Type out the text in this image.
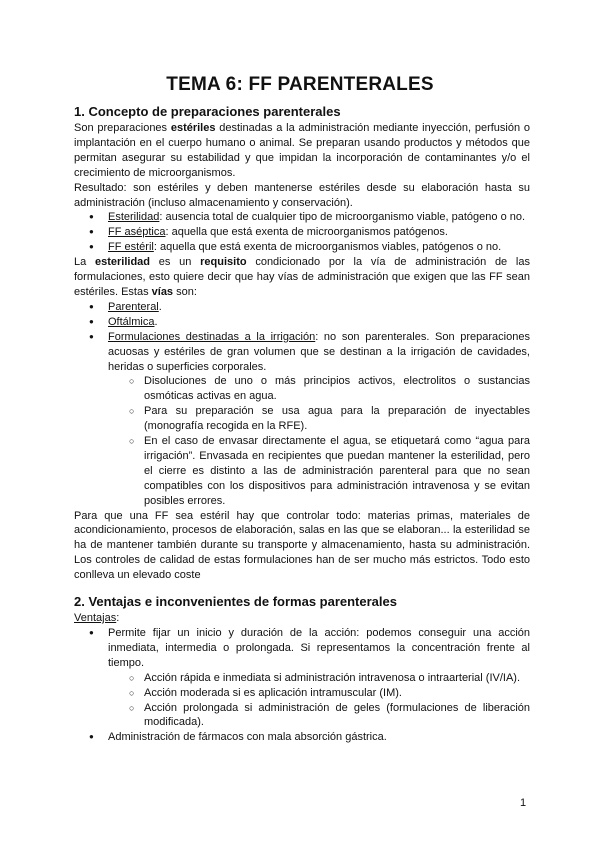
TEMA 6: FF PARENTERALES
1. Concepto de preparaciones parenterales

Son preparaciones estériles destinadas a la administración mediante inyección, perfusión o implantación en el cuerpo humano o animal. Se preparan usando productos y métodos que permitan asegurar su estabilidad y que impidan la incorporación de contaminantes y/o el crecimiento de microorganismos.

Resultado: son estériles y deben mantenerse estériles desde su elaboración hasta su administración (incluso almacenamiento y conservación).

● Esterilidad: ausencia total de cualquier tipo de microorganismo viable, patógeno o no.
● FF aséptica: aquella que está exenta de microorganismos patógenos.
● FF estéril: aquella que está exenta de microorganismos viables, patógenos o no.

La esterilidad es un requisito condicionado por la vía de administración de las formulaciones, esto quiere decir que hay vías de administración que exigen que las FF sean estériles. Estas vías son:

● Parenteral.
● Oftálmica.
● Formulaciones destinadas a la irrigación: no son parenterales. Son preparaciones acuosas y estériles de gran volumen que se destinan a la irrigación de cavidades, heridas o superficies corporales.
○ Disoluciones de uno o más principios activos, electrolitos o sustancias osmóticas activas en agua.
○ Para su preparación se usa agua para la preparación de inyectables (monografía recogida en la RFE).
○ En el caso de envasar directamente el agua, se etiquetará como “agua para irrigación”. Envasada en recipientes que puedan mantener la esterilidad, pero el cierre es distinto a las de administración parenteral para que no sean compatibles con los dispositivos para administración intravenosa y se evitan posibles errores.

Para que una FF sea estéril hay que controlar todo: materias primas, materiales de acondicionamiento, procesos de elaboración, salas en las que se elaboran... la esterilidad se ha de mantener también durante su transporte y almacenamiento, hasta su administración. Los controles de calidad de estas formulaciones han de ser mucho más estrictos. Todo esto conlleva un elevado coste

2. Ventajas e inconvenientes de formas parenterales

Ventajas:

● Permite fijar un inicio y duración de la acción: podemos conseguir una acción inmediata, intermedia o prolongada. Si representamos la concentración frente al tiempo.
○ Acción rápida e inmediata si administración intravenosa o intraarterial (IV/IA).
○ Acción moderada si es aplicación intramuscular (IM).
○ Acción prolongada si administración de geles (formulaciones de liberación modificada).
● Administración de fármacos con mala absorción gástrica.
1
